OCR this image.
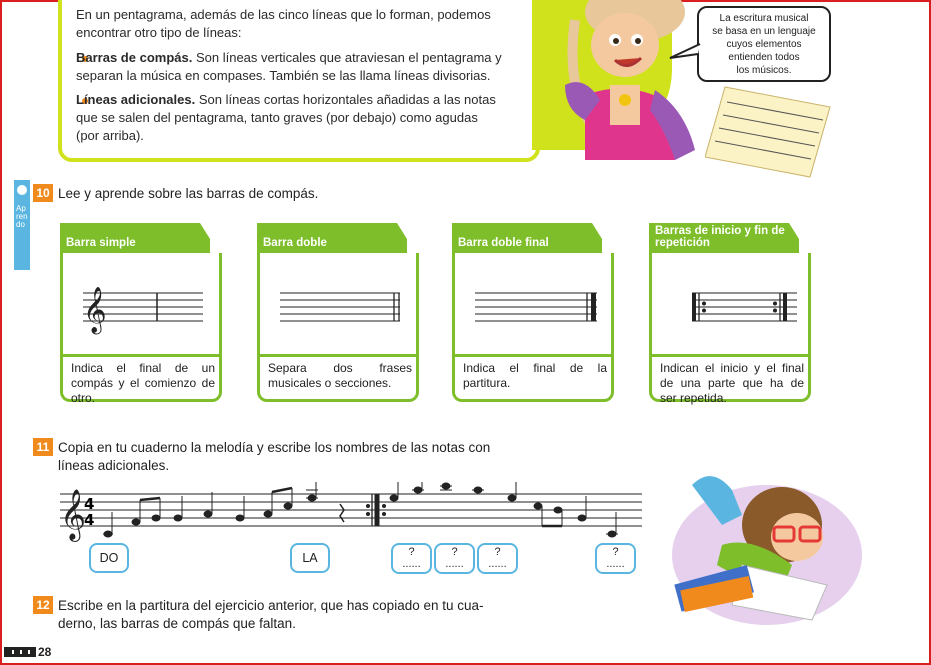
En un pentagrama, además de las cinco líneas que lo forman, podemos

encontrar otro tipo de líneas:

Barras de compás. Son líneas verticales que atraviesan el pentagrama y

separan la música en compases. También se las llama líneas divisorias.

Líneas adicionales. Son líneas cortas horizontales añadidas a las notas

que se salen del pentagrama, tanto graves (por debajo) como agudas

(por arriba).

La escritura musical
se basa en un lenguaje
cuyos elementos
entienden todos
los músicos.
Aprendo
10 Lee y aprende sobre las barras de compás.

Barra simple
𝄞
Indica el final de un compás y el comienzo de otro.
Barra doble
Separa dos frases musicales o secciones.
Barra doble final
Indica el final de la partitura.
Barras de inicio y fin de repetición
Indican el inicio y el final de una parte que ha de ser repetida.
11 Copia en tu cuaderno la melodía y escribe los nombres de las notas con

líneas adicionales.

𝄞
4
4
DO	LA	?
......
?
......
?
......
?
......
12 Escribe en la partitura del ejercicio anterior, que has copiado en tu cua-

derno, las barras de compás que faltan.

28
